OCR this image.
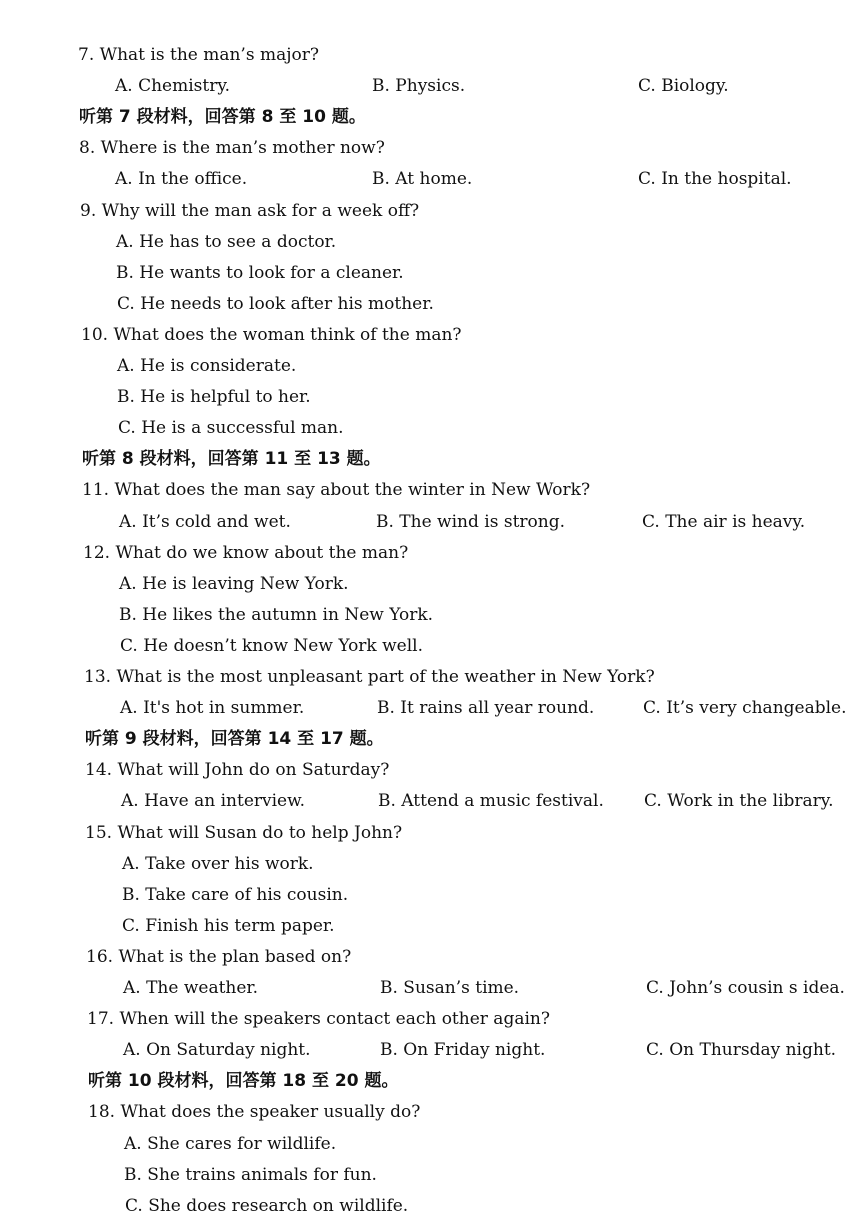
7. What is the man’s major?
A. Chemistry.	B. Physics.	C. Biology.
听第 7 段材料，回答第 8 至 10 题。
8. Where is the man’s mother now?
A. In the office.	B. At home.	C. In the hospital.
9. Why will the man ask for a week off?
A. He has to see a doctor.
B. He wants to look for a cleaner.
C. He needs to look after his mother.
10. What does the woman think of the man?
A. He is considerate.
B. He is helpful to her.
C. He is a successful man.
听第 8 段材料，回答第 11 至 13 题。
11. What does the man say about the winter in New Work?
A. It’s cold and wet.	B. The wind is strong.	C. The air is heavy.
12. What do we know about the man?
A. He is leaving New York.
B. He likes the autumn in New York.
C. He doesn’t know New York well.
13. What is the most unpleasant part of the weather in New York?
A. It's hot in summer.	B. It rains all year round.	C. It’s very changeable.
听第 9 段材料，回答第 14 至 17 题。
14. What will John do on Saturday?
A. Have an interview.	B. Attend a music festival. C. Work in the library.
15. What will Susan do to help John?
A. Take over his work.
B. Take care of his cousin.
C. Finish his term paper.
16. What is the plan based on?
A. The weather.	B. Susan’s time.	C. John’s cousin s idea.
17. When will the speakers contact each other again?
A. On Saturday night.	B. On Friday night.	C. On Thursday night.
听第 10 段材料，回答第 18 至 20 题。
18. What does the speaker usually do?
A. She cares for wildlife.
B. She trains animals for fun.
C. She does research on wildlife.
